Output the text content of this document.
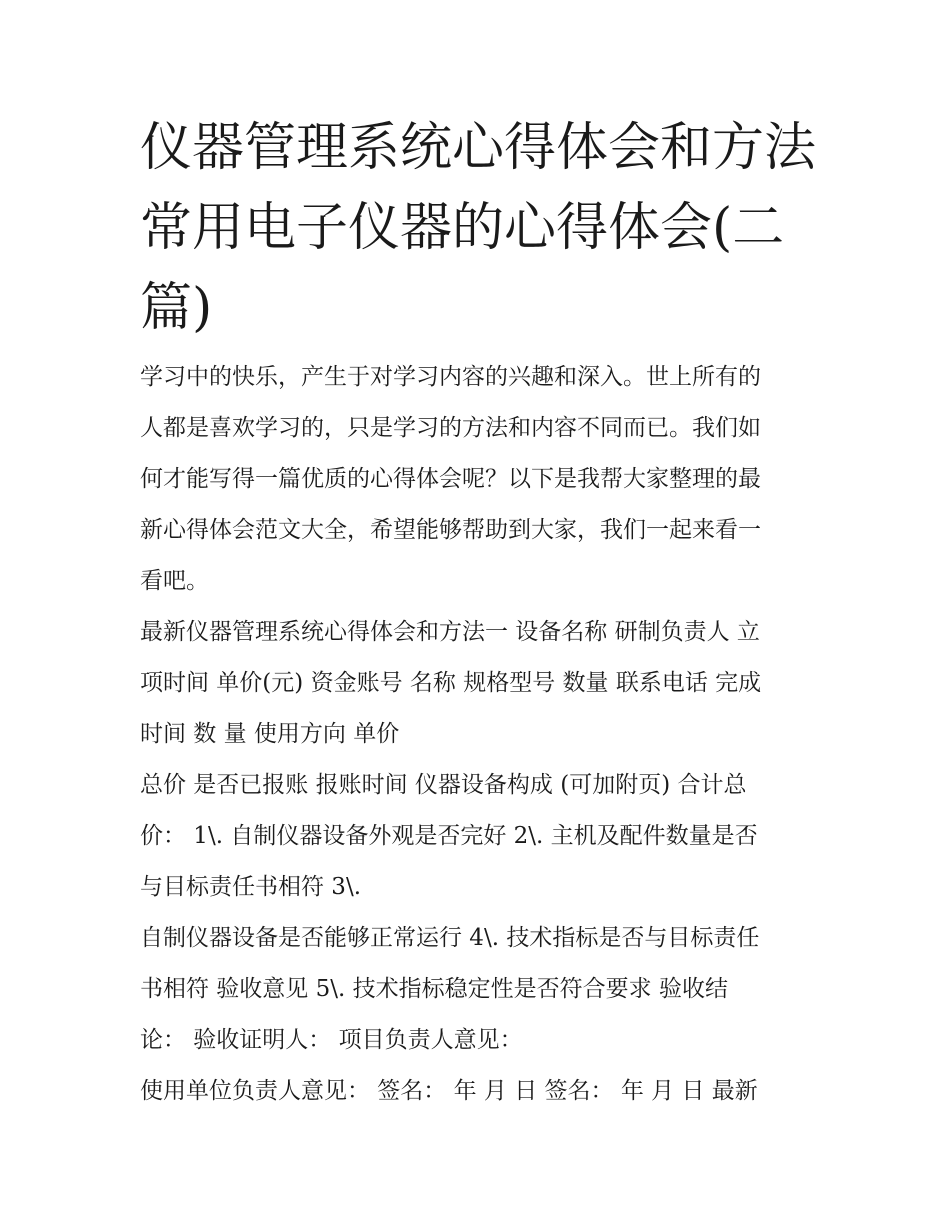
仪器管理系统心得体会和方法
常用电子仪器的心得体会(二
篇)

学习中的快乐，产生于对学习内容的兴趣和深入。世上所有的
人都是喜欢学习的，只是学习的方法和内容不同而已。我们如
何才能写得一篇优质的心得体会呢？以下是我帮大家整理的最
新心得体会范文大全，希望能够帮助到大家，我们一起来看一
看吧。

最新仪器管理系统心得体会和方法一 设备名称 研制负责人 立
项时间 单价(元) 资金账号 名称 规格型号 数量 联系电话 完成
时间 数 量 使用方向 单价

总价 是否已报账 报账时间 仪器设备构成 (可加附页) 合计总
价： 1\. 自制仪器设备外观是否完好 2\. 主机及配件数量是否
与目标责任书相符 3\.

自制仪器设备是否能够正常运行 4\. 技术指标是否与目标责任
书相符 验收意见 5\. 技术指标稳定性是否符合要求 验收结
论： 验收证明人： 项目负责人意见：

使用单位负责人意见： 签名： 年 月 日 签名： 年 月 日 最新
